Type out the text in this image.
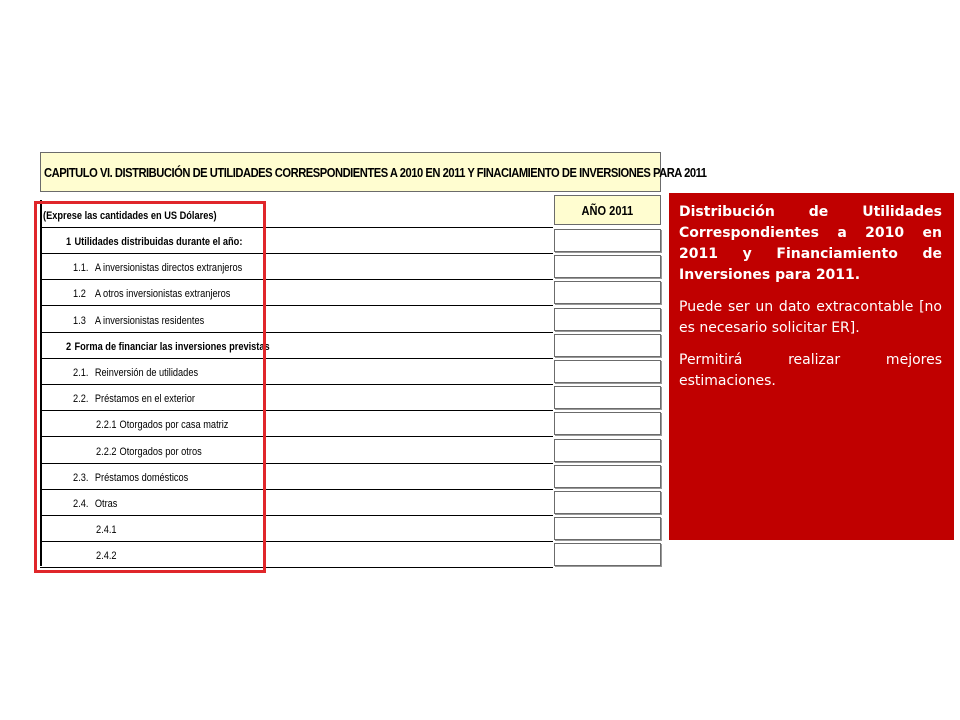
CAPITULO VI. DISTRIBUCIÓN DE UTILIDADES CORRESPONDIENTES A 2010 EN 2011 Y FINACIAMIENTO DE INVERSIONES PARA 2011
AÑO 2011
(Exprese las cantidades en US Dólares)
1 Utilidades distribuidas durante el año:
1.1. A inversionistas directos extranjeros
1.2 A otros inversionistas extranjeros
1.3 A inversionistas residentes
2 Forma de financiar las inversiones previstas
2.1. Reinversión de utilidades
2.2. Préstamos en el exterior
2.2.1 Otorgados por casa matriz
2.2.2 Otorgados por otros
2.3. Préstamos domésticos
2.4. Otras
2.4.1
2.4.2

Distribución de Utilidades Correspondientes a 2010 en 2011 y Financiamiento de Inversiones para 2011.

Puede ser un dato extracontable [no es necesario solicitar ER].

Permitirá realizar mejores estimaciones.
